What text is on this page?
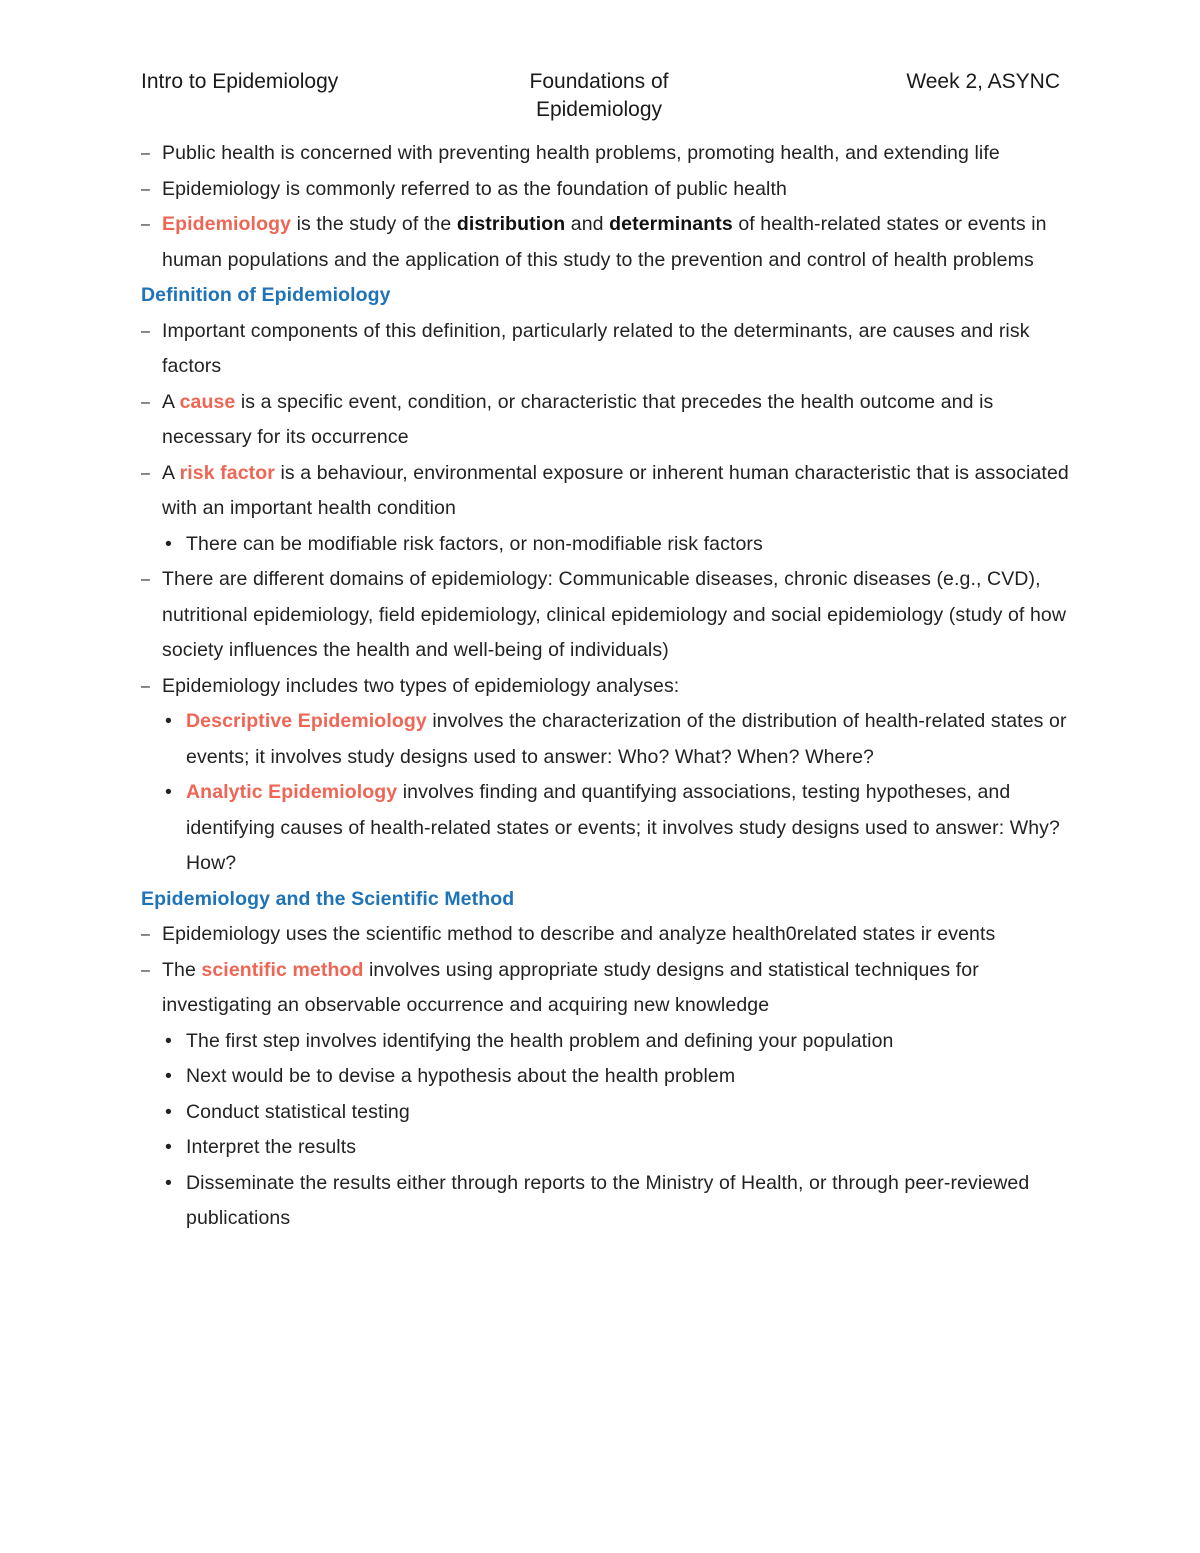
Intro to Epidemiology	Foundations of
Epidemiology
Week 2, ASYNC
– Public health is concerned with preventing health problems, promoting health, and extending life
– Epidemiology is commonly referred to as the foundation of public health
– Epidemiology is the study of the distribution and determinants of health-related states or events in human populations and the application of this study to the prevention and control of health problems
Definition of Epidemiology
– Important components of this definition, particularly related to the determinants, are causes and risk factors
– A cause is a specific event, condition, or characteristic that precedes the health outcome and is necessary for its occurrence
– A risk factor is a behaviour, environmental exposure or inherent human characteristic that is associated with an important health condition
• There can be modifiable risk factors, or non-modifiable risk factors
– There are different domains of epidemiology: Communicable diseases, chronic diseases (e.g., CVD), nutritional epidemiology, field epidemiology, clinical epidemiology and social epidemiology (study of how society influences the health and well-being of individuals)
– Epidemiology includes two types of epidemiology analyses:
• Descriptive Epidemiology involves the characterization of the distribution of health-related states or events; it involves study designs used to answer: Who? What? When? Where?
• Analytic Epidemiology involves finding and quantifying associations, testing hypotheses, and identifying causes of health-related states or events; it involves study designs used to answer: Why? How?
Epidemiology and the Scientific Method
– Epidemiology uses the scientific method to describe and analyze health0related states ir events
– The scientific method involves using appropriate study designs and statistical techniques for investigating an observable occurrence and acquiring new knowledge
• The first step involves identifying the health problem and defining your population
• Next would be to devise a hypothesis about the health problem
• Conduct statistical testing
• Interpret the results
• Disseminate the results either through reports to the Ministry of Health, or through peer-reviewed publications
